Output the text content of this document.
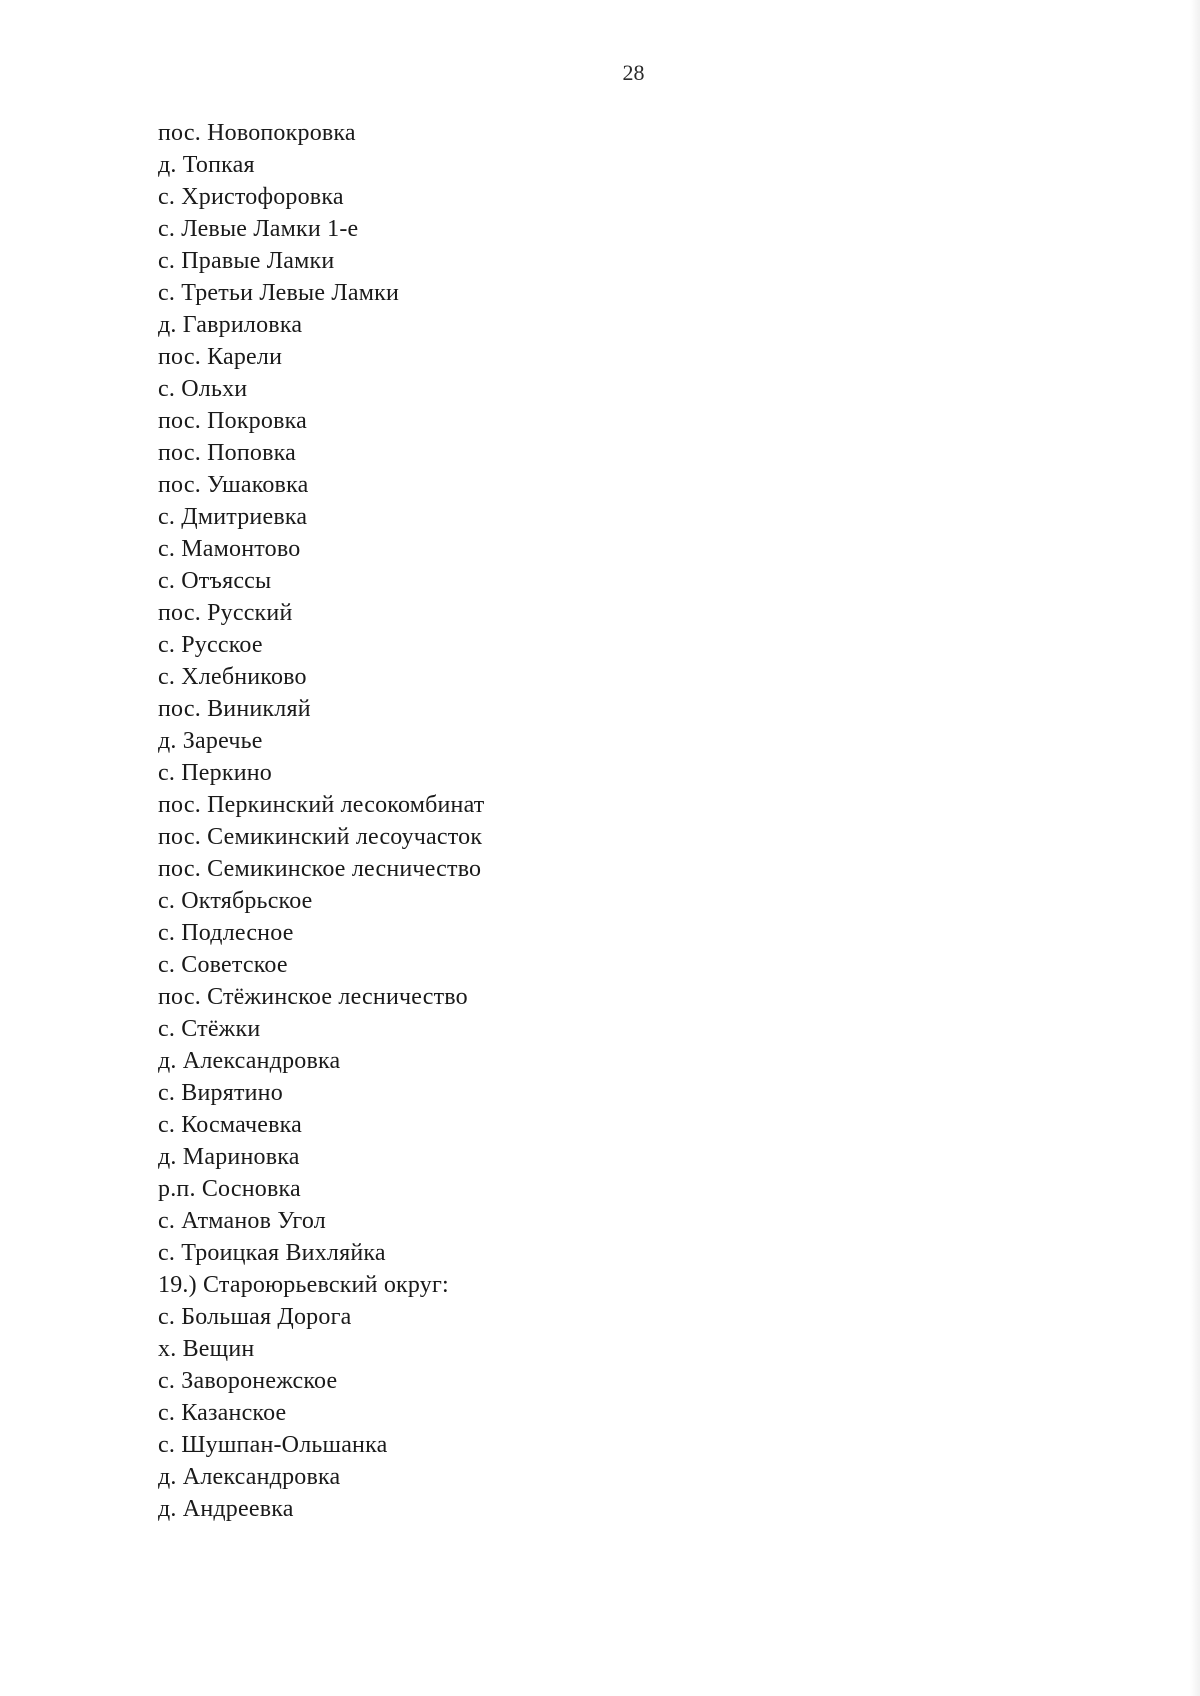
28
пос. Новопокровка
д. Топкая
с. Христофоровка
с. Левые Ламки 1-е
с. Правые Ламки
с. Третьи Левые Ламки
д. Гавриловка
пос. Карели
с. Ольхи
пос. Покровка
пос. Поповка
пос. Ушаковка
с. Дмитриевка
с. Мамонтово
с. Отъяссы
пос. Русский
с. Русское
с. Хлебниково
пос. Виникляй
д. Заречье
с. Перкино
пос. Перкинский лесокомбинат
пос. Семикинский лесоучасток
пос. Семикинское лесничество
с. Октябрьское
с. Подлесное
с. Советское
пос. Стёжинское лесничество
с. Стёжки
д. Александровка
с. Вирятино
с. Космачевка
д. Мариновка
р.п. Сосновка
с. Атманов Угол
с. Троицкая Вихляйка
19.) Староюрьевский округ:
с. Большая Дорога
х. Вещин
с. Заворонежское
с. Казанское
с. Шушпан-Ольшанка
д. Александровка
д. Андреевка
